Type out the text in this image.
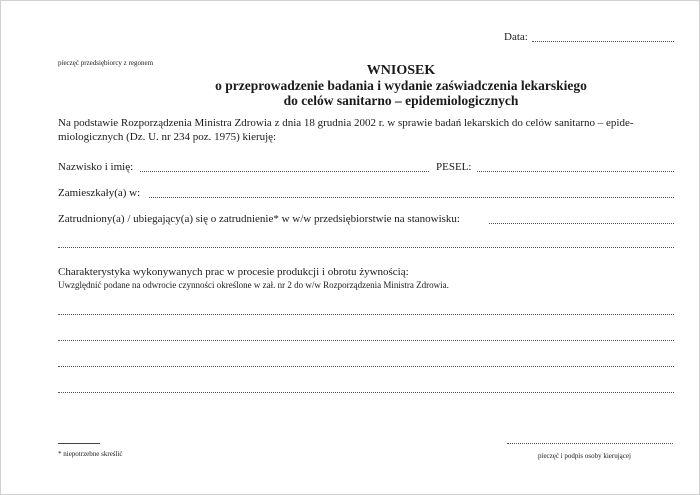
Data:
pieczęć przedsiębiorcy z regonem	WNIOSEK
o przeprowadzenie badania i wydanie zaświadczenia lekarskiego
do celów sanitarno – epidemiologicznych
Na podstawie Rozporządzenia Ministra Zdrowia z dnia 18 grudnia 2002 r. w sprawie badań lekarskich do celów sanitarno – epide-
miologicznych (Dz. U. nr 234 poz. 1975) kieruję:
Nazwisko i imię:	PESEL:
Zamieszkały(a) w:
Zatrudniony(a) / ubiegający(a) się o zatrudnienie* w w/w przedsiębiorstwie na stanowisku:
Charakterystyka wykonywanych prac w procesie produkcji i obrotu żywnością:
Uwzględnić podane na odwrocie czynności określone w zał. nr 2 do w/w Rozporządzenia Ministra Zdrowia.
* niepotrzebne skreślić	pieczęć i podpis osoby kierującej
